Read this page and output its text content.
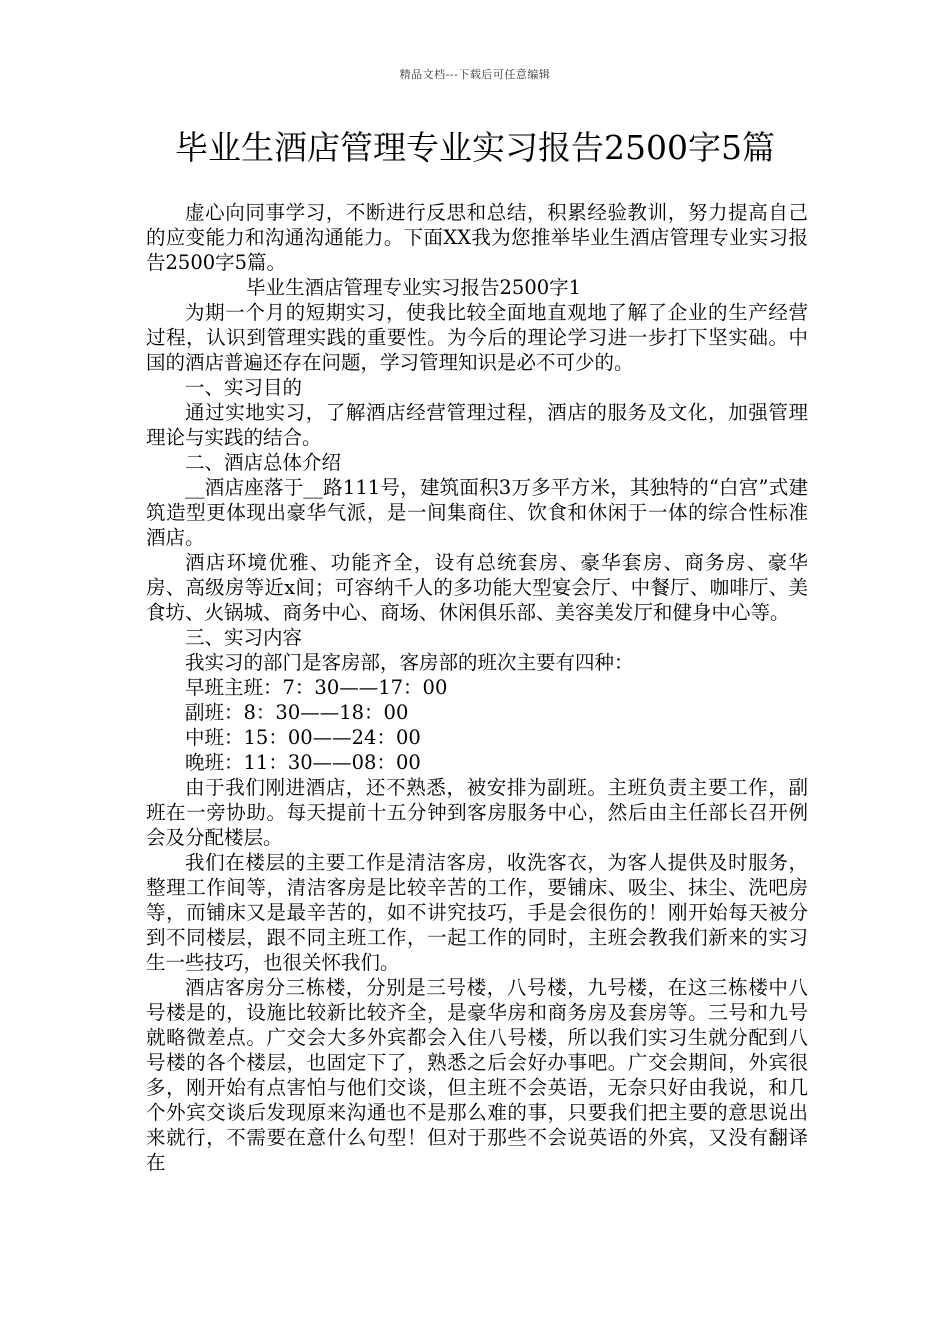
精品文档---下载后可任意编辑
毕业生酒店管理专业实习报告2500字5篇

虚心向同事学习，不断进行反思和总结，积累经验教训，努力提高自己的应变能力和沟通沟通能力。下面XX我为您推举毕业生酒店管理专业实习报告2500字5篇。

毕业生酒店管理专业实习报告2500字1

为期一个月的短期实习，使我比较全面地直观地了解了企业的生产经营过程，认识到管理实践的重要性。为今后的理论学习进一步打下坚实础。中国的酒店普遍还存在问题，学习管理知识是必不可少的。

一、实习目的

通过实地实习，了解酒店经营管理过程，酒店的服务及文化，加强管理理论与实践的结合。

二、酒店总体介绍

__酒店座落于__路111号，建筑面积3万多平方米，其独特的“白宫”式建筑造型更体现出豪华气派，是一间集商住、饮食和休闲于一体的综合性标准酒店。

酒店环境优雅、功能齐全，设有总统套房、豪华套房、商务房、豪华房、高级房等近x间；可容纳千人的多功能大型宴会厅、中餐厅、咖啡厅、美食坊、火锅城、商务中心、商场、休闲俱乐部、美容美发厅和健身中心等。

三、实习内容

我实习的部门是客房部，客房部的班次主要有四种：

早班主班：7：30——17：00

副班：8：30——18：00

中班：15：00——24：00

晚班：11：30——08：00

由于我们刚进酒店，还不熟悉，被安排为副班。主班负责主要工作，副班在一旁协助。每天提前十五分钟到客房服务中心，然后由主任部长召开例会及分配楼层。

我们在楼层的主要工作是清洁客房，收洗客衣，为客人提供及时服务，整理工作间等，清洁客房是比较辛苦的工作，要铺床、吸尘、抹尘、洗吧房等，而铺床又是最辛苦的，如不讲究技巧，手是会很伤的！刚开始每天被分到不同楼层，跟不同主班工作，一起工作的同时，主班会教我们新来的实习生一些技巧，也很关怀我们。

酒店客房分三栋楼，分别是三号楼，八号楼，九号楼，在这三栋楼中八号楼是的，设施比较新比较齐全，是豪华房和商务房及套房等。三号和九号就略微差点。广交会大多外宾都会入住八号楼，所以我们实习生就分配到八号楼的各个楼层，也固定下了，熟悉之后会好办事吧。广交会期间，外宾很多，刚开始有点害怕与他们交谈，但主班不会英语，无奈只好由我说，和几个外宾交谈后发现原来沟通也不是那么难的事，只要我们把主要的意思说出来就行，不需要在意什么句型！但对于那些不会说英语的外宾，又没有翻译在
